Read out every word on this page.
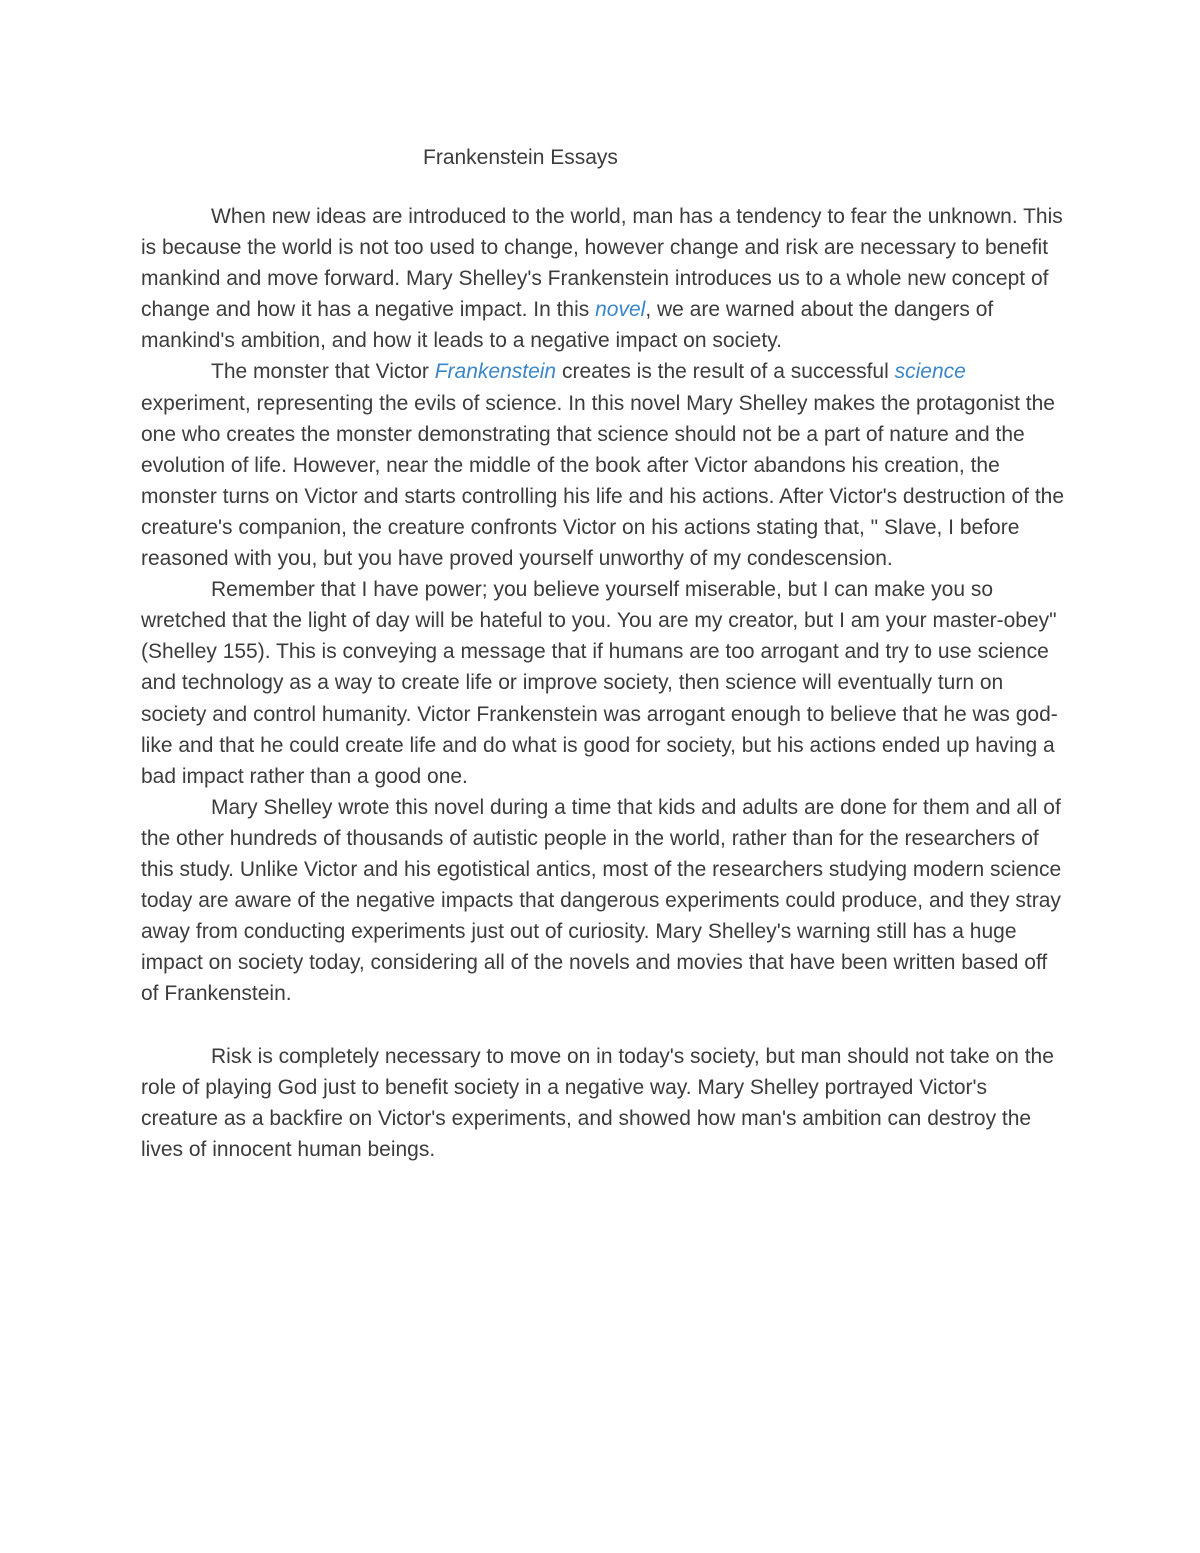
Frankenstein Essays

When new ideas are introduced to the world, man has a tendency to fear the unknown. This is because the world is not too used to change, however change and risk are necessary to benefit mankind and move forward. Mary Shelley's Frankenstein introduces us to a whole new concept of change and how it has a negative impact. In this novel, we are warned about the dangers of mankind's ambition, and how it leads to a negative impact on society.

The monster that Victor Frankenstein creates is the result of a successful science experiment, representing the evils of science. In this novel Mary Shelley makes the protagonist the one who creates the monster demonstrating that science should not be a part of nature and the evolution of life. However, near the middle of the book after Victor abandons his creation, the monster turns on Victor and starts controlling his life and his actions. After Victor's destruction of the creature's companion, the creature confronts Victor on his actions stating that, " Slave, I before reasoned with you, but you have proved yourself unworthy of my condescension.

Remember that I have power; you believe yourself miserable, but I can make you so wretched that the light of day will be hateful to you. You are my creator, but I am your master-obey" (Shelley 155). This is conveying a message that if humans are too arrogant and try to use science and technology as a way to create life or improve society, then science will eventually turn on society and control humanity. Victor Frankenstein was arrogant enough to believe that he was god-like and that he could create life and do what is good for society, but his actions ended up having a bad impact rather than a good one.

Mary Shelley wrote this novel during a time that kids and adults are done for them and all of the other hundreds of thousands of autistic people in the world, rather than for the researchers of this study. Unlike Victor and his egotistical antics, most of the researchers studying modern science today are aware of the negative impacts that dangerous experiments could produce, and they stray away from conducting experiments just out of curiosity. Mary Shelley's warning still has a huge impact on society today, considering all of the novels and movies that have been written based off of Frankenstein.

Risk is completely necessary to move on in today's society, but man should not take on the role of playing God just to benefit society in a negative way. Mary Shelley portrayed Victor's creature as a backfire on Victor's experiments, and showed how man's ambition can destroy the lives of innocent human beings.
